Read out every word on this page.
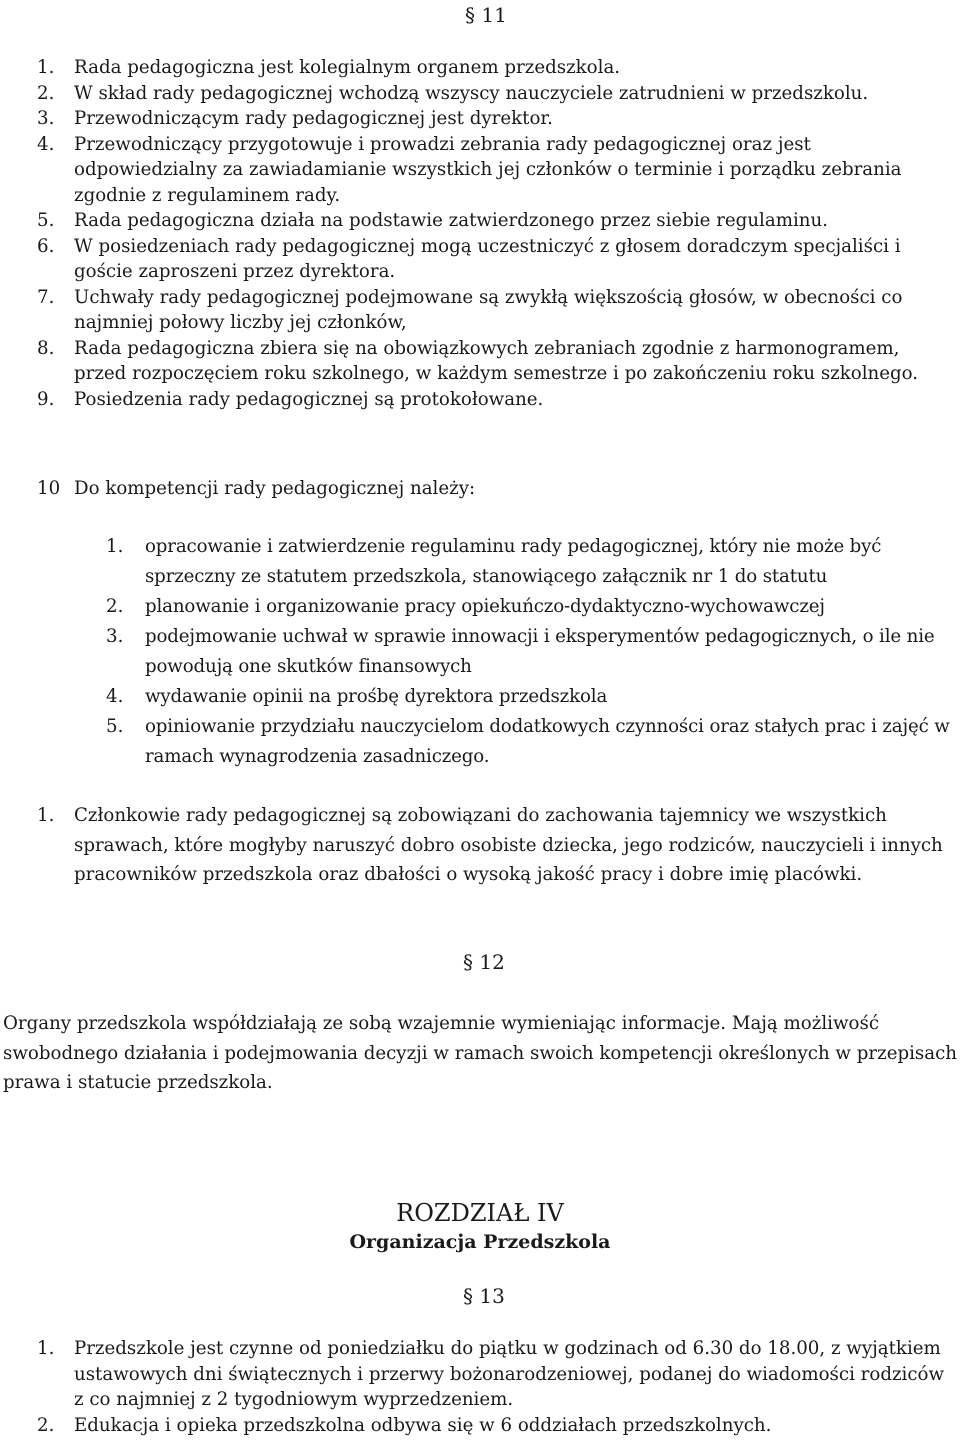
§ 11
1.	Rada pedagogiczna jest kolegialnym organem przedszkola.
2.	W skład rady pedagogicznej wchodzą wszyscy nauczyciele zatrudnieni w przedszkolu.
3.	Przewodniczącym rady pedagogicznej jest dyrektor.
4.	Przewodniczący przygotowuje i prowadzi zebrania rady pedagogicznej oraz jest odpowiedzialny za zawiadamianie wszystkich jej członków o terminie i porządku zebrania zgodnie z regulaminem rady.
5.	Rada pedagogiczna działa na podstawie zatwierdzonego przez siebie regulaminu.
6.	W posiedzeniach rady pedagogicznej mogą uczestniczyć z głosem doradczym specjaliści i goście zaproszeni przez dyrektora.
7.	Uchwały rady pedagogicznej podejmowane są zwykłą większością głosów, w obecności co najmniej połowy liczby jej członków,
8.	Rada pedagogiczna zbiera się na obowiązkowych zebraniach zgodnie z harmonogramem, przed rozpoczęciem roku szkolnego, w każdym semestrze i po zakończeniu roku szkolnego.
9.	Posiedzenia rady pedagogicznej są protokołowane.
10 Do kompetencji rady pedagogicznej należy:
1.	opracowanie i zatwierdzenie regulaminu rady pedagogicznej, który nie może być sprzeczny ze statutem przedszkola, stanowiącego załącznik nr 1 do statutu
2.	planowanie i organizowanie pracy opiekuńczo-dydaktyczno-wychowawczej
3.	podejmowanie uchwał w sprawie innowacji i eksperymentów pedagogicznych, o ile nie powodują one skutków finansowych
4.	wydawanie opinii na prośbę dyrektora przedszkola
5.	opiniowanie przydziału nauczycielom dodatkowych czynności oraz stałych prac i zajęć w ramach wynagrodzenia zasadniczego.
1.	Członkowie rady pedagogicznej są zobowiązani do zachowania tajemnicy we wszystkich sprawach, które mogłyby naruszyć dobro osobiste dziecka, jego rodziców, nauczycieli i innych pracowników przedszkola oraz dbałości o wysoką jakość pracy i dobre imię placówki.
§ 12

Organy przedszkola współdziałają ze sobą wzajemnie wymieniając informacje. Mają możliwość swobodnego działania i podejmowania decyzji w ramach swoich kompetencji określonych w przepisach prawa i statucie przedszkola.

ROZDZIAŁ IV
Organizacja Przedszkola
§ 13
1.	Przedszkole jest czynne od poniedziałku do piątku w godzinach od 6.30 do 18.00, z wyjątkiem ustawowych dni świątecznych i przerwy bożonarodzeniowej, podanej do wiadomości rodziców z co najmniej z 2 tygodniowym wyprzedzeniem.
2.	Edukacja i opieka przedszkolna odbywa się w 6 oddziałach przedszkolnych.
